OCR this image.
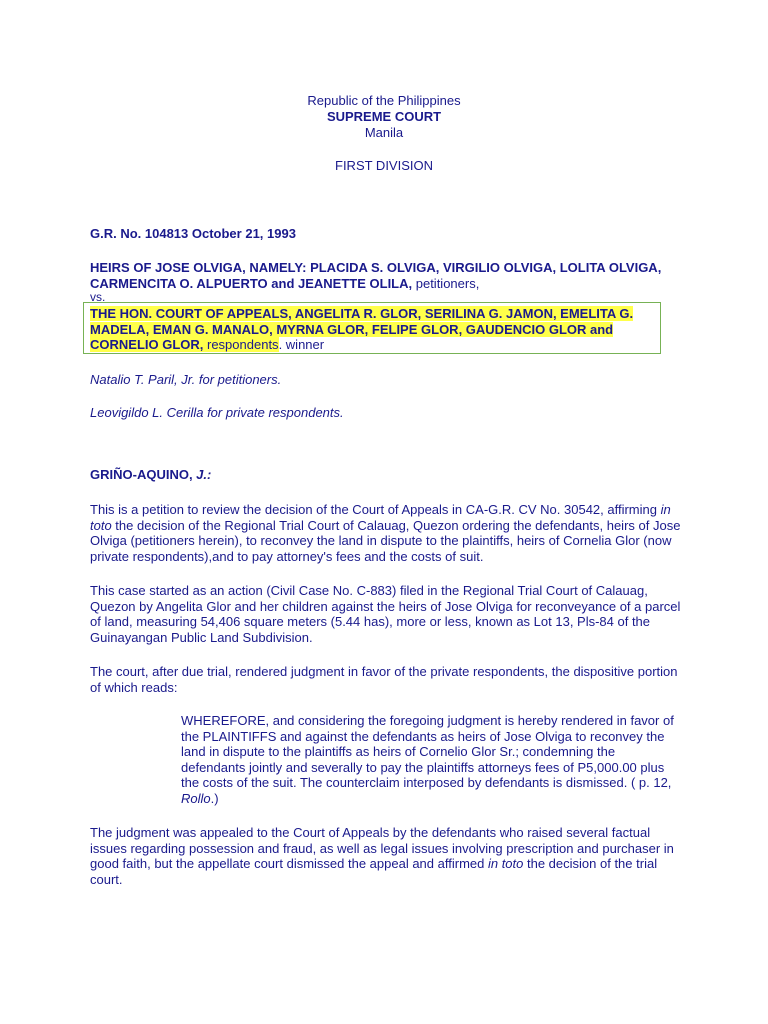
Republic of the Philippines
SUPREME COURT
Manila
FIRST DIVISION
G.R. No. 104813 October 21, 1993
HEIRS OF JOSE OLVIGA, NAMELY: PLACIDA S. OLVIGA, VIRGILIO OLVIGA, LOLITA OLVIGA, CARMENCITA O. ALPUERTO and JEANETTE OLILA, petitioners,
vs.
THE HON. COURT OF APPEALS, ANGELITA R. GLOR, SERILINA G. JAMON, EMELITA G. MADELA, EMAN G. MANALO, MYRNA GLOR, FELIPE GLOR, GAUDENCIO GLOR and CORNELIO GLOR, respondents. winner
Natalio T. Paril, Jr. for petitioners.
Leovigildo L. Cerilla for private respondents.
GRIÑO-AQUINO, J.:

This is a petition to review the decision of the Court of Appeals in CA-G.R. CV No. 30542, affirming in toto the decision of the Regional Trial Court of Calauag, Quezon ordering the defendants, heirs of Jose Olviga (petitioners herein), to reconvey the land in dispute to the plaintiffs, heirs of Cornelia Glor (now private respondents),and to pay attorney's fees and the costs of suit.

This case started as an action (Civil Case No. C-883) filed in the Regional Trial Court of Calauag, Quezon by Angelita Glor and her children against the heirs of Jose Olviga for reconveyance of a parcel of land, measuring 54,406 square meters (5.44 has), more or less, known as Lot 13, Pls-84 of the Guinayangan Public Land Subdivision.

The court, after due trial, rendered judgment in favor of the private respondents, the dispositive portion of which reads:

WHEREFORE, and considering the foregoing judgment is hereby rendered in favor of the PLAINTIFFS and against the defendants as heirs of Jose Olviga to reconvey the land in dispute to the plaintiffs as heirs of Cornelio Glor Sr.; condemning the defendants jointly and severally to pay the plaintiffs attorneys fees of P5,000.00 plus the costs of the suit. The counterclaim interposed by defendants is dismissed. ( p. 12, Rollo.)

The judgment was appealed to the Court of Appeals by the defendants who raised several factual issues regarding possession and fraud, as well as legal issues involving prescription and purchaser in good faith, but the appellate court dismissed the appeal and affirmed in toto the decision of the trial court.
